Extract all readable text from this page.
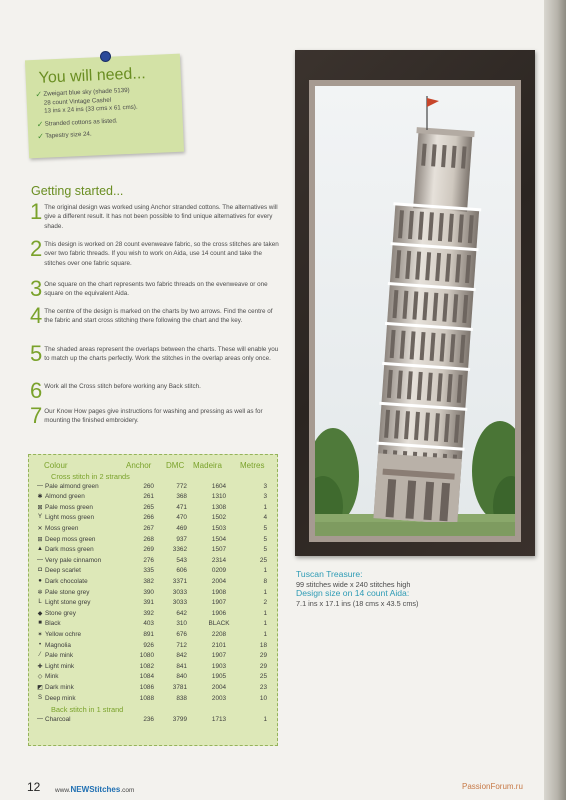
You will need...
✓ Zweigart blue sky (shade 5139)
28 count Vintage Cashel
13 ins x 24 ins (33 cms x 61 cms).
✓ Stranded cottons as listed.
✓ Tapestry size 24.
Getting started...
1 The original design was worked using Anchor stranded cottons. The alternatives will give a different result. It has not been possible to find unique alternatives for every shade.

2 This design is worked on 28 count evenweave fabric, so the cross stitches are taken over two fabric threads. If you wish to work on Aida, use 14 count and take the stitches over one fabric square.

3 One square on the chart represents two fabric threads on the evenweave or one square on the equivalent Aida.

4 The centre of the design is marked on the charts by two arrows. Find the centre of the fabric and start cross stitching there following the chart and the key.

5 The shaded areas represent the overlaps between the charts. These will enable you to match up the charts perfectly. Work the stitches in the overlap areas only once.

6 Work all the Cross stitch before working any Back stitch.

7 Our Know How pages give instructions for washing and pressing as well as for mounting the finished embroidery.

Colour	Anchor DMC Madeira Metres
Cross stitch in 2 strands
— Pale almond green	260	772	1604	3
✱ Almond green	261	368	1310	3
⊠ Pale moss green	265	471	1308	1
Y Light moss green	266	470	1502	4
✕ Moss green	267	469	1503	5
⊞ Deep moss green	268	937	1504	5
▲ Dark moss green	269	3362	1507	5
— Very pale cinnamon	276	543	2314	25
◘ Deep scarlet	335	606	0209	1
● Dark chocolate	382	3371	2004	8
✲ Pale stone grey	390	3033	1908	1
L Light stone grey	391	3033	1907	2
◆ Stone grey	392	642	1906	1
■ Black	403	310	BLACK	1
✶ Yellow ochre	891	676	2208	1
• Magnolia	926	712	2101	18
⁄ Pale mink	1080	842	1907	29
✚ Light mink	1082	841	1903	29
◇ Mink	1084	840	1905	25
◩ Dark mink	1086	3781	2004	23
S Deep mink	1088	838	2003	10
Back stitch in 1 strand
— Charcoal	236	3799	1713	1
Tuscan Treasure:
99 stitches wide x 240 stitches high
Design size on 14 count Aida:
7.1 ins x 17.1 ins (18 cms x 43.5 cms)
12 www.NEWStitches.com	PassionForum.ru
